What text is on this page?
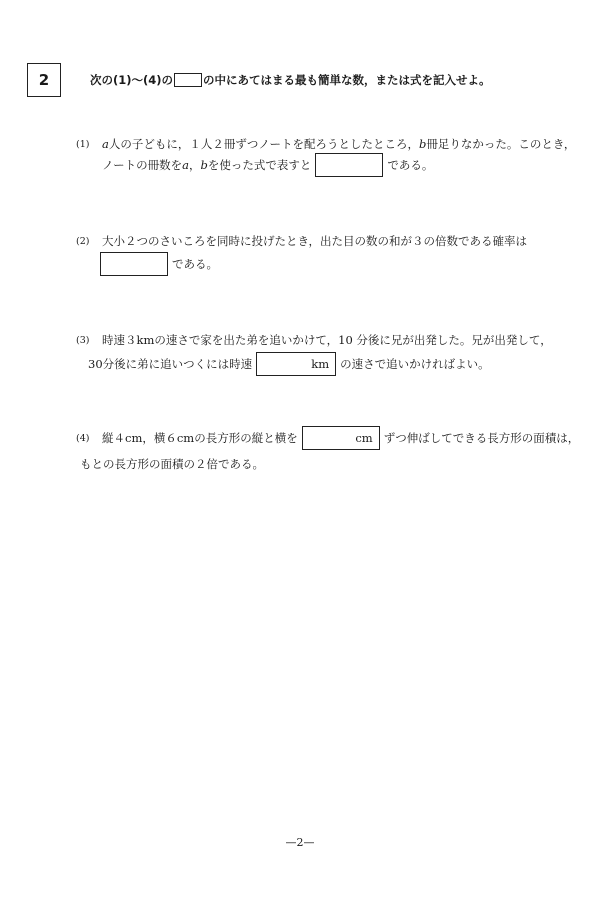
2	次の(1)〜(4)の	の中にあてはまる最も簡単な数，または式を記入せよ。
(1)	a 人の子どもに，１人２冊ずつノートを配ろうとしたところ， b 冊足りなかった。このとき，
ノートの冊数を a ， b を使った式で表すと	である。
(2)	大小２つのさいころを同時に投げたとき，出た目の数の和が３の倍数である確率は
である。
(3)	時速３kmの速さで家を出た弟を追いかけて，10 分後に兄が出発した。兄が出発して，
30分後に弟に追いつくには時速	km の速さで追いかければよい。
(4)	縦４cm，横６cmの長方形の縦と横を	cm ずつ伸ばしてできる長方形の面積は，
もとの長方形の面積の２倍である。
—2—
